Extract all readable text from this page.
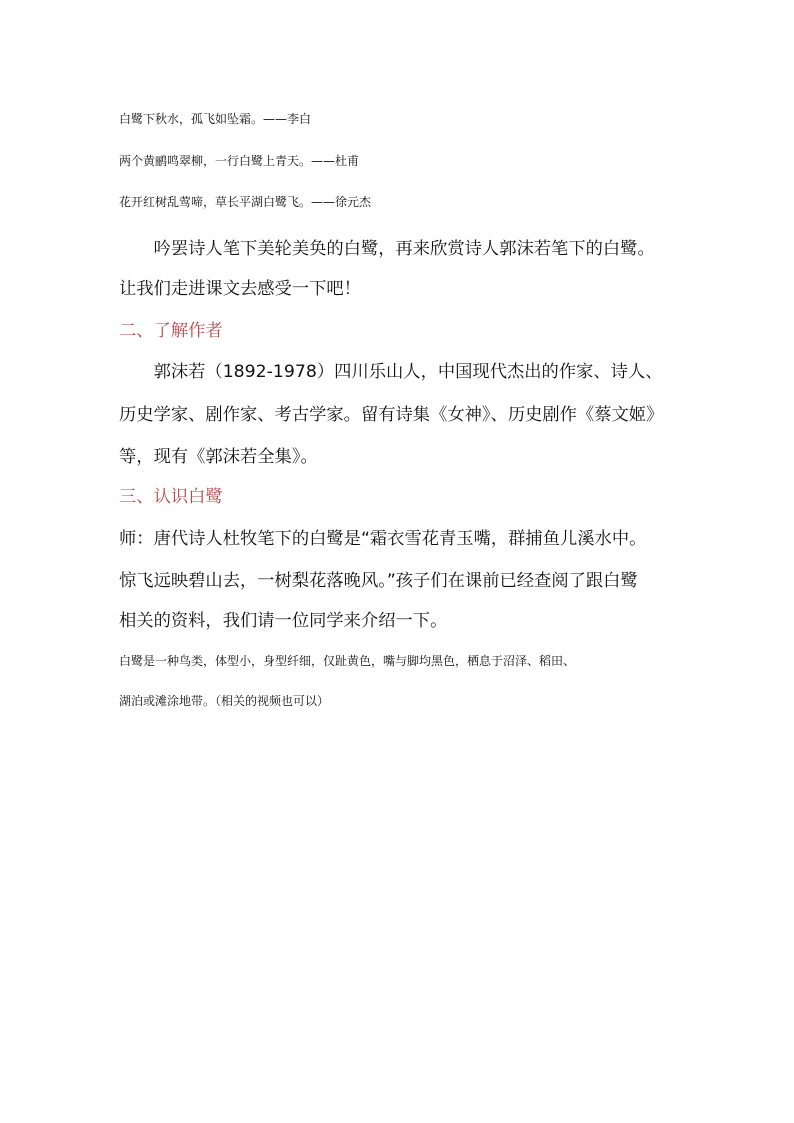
白鹭下秋水，孤飞如坠霜。——李白
两个黄鹂鸣翠柳，一行白鹭上青天。——杜甫
花开红树乱莺啼，草长平湖白鹭飞。——徐元杰
　　吟罢诗人笔下美轮美奂的白鹭，再来欣赏诗人郭沫若笔下的白鹭。
让我们走进课文去感受一下吧！
二、了解作者
　　郭沫若（1892-1978）四川乐山人，中国现代杰出的作家、诗人、
历史学家、剧作家、考古学家。留有诗集《女神》、历史剧作《蔡文姬》
等，现有《郭沫若全集》。
三、认识白鹭
师：唐代诗人杜牧笔下的白鹭是“霜衣雪花青玉嘴，群捕鱼儿溪水中。
惊飞远映碧山去，一树梨花落晚风。”孩子们在课前已经查阅了跟白鹭
相关的资料，我们请一位同学来介绍一下。
白鹭是一种鸟类，体型小，身型纤细，仅趾黄色，嘴与脚均黑色，栖息于沼泽、稻田、
湖泊或滩涂地带。（相关的视频也可以）
